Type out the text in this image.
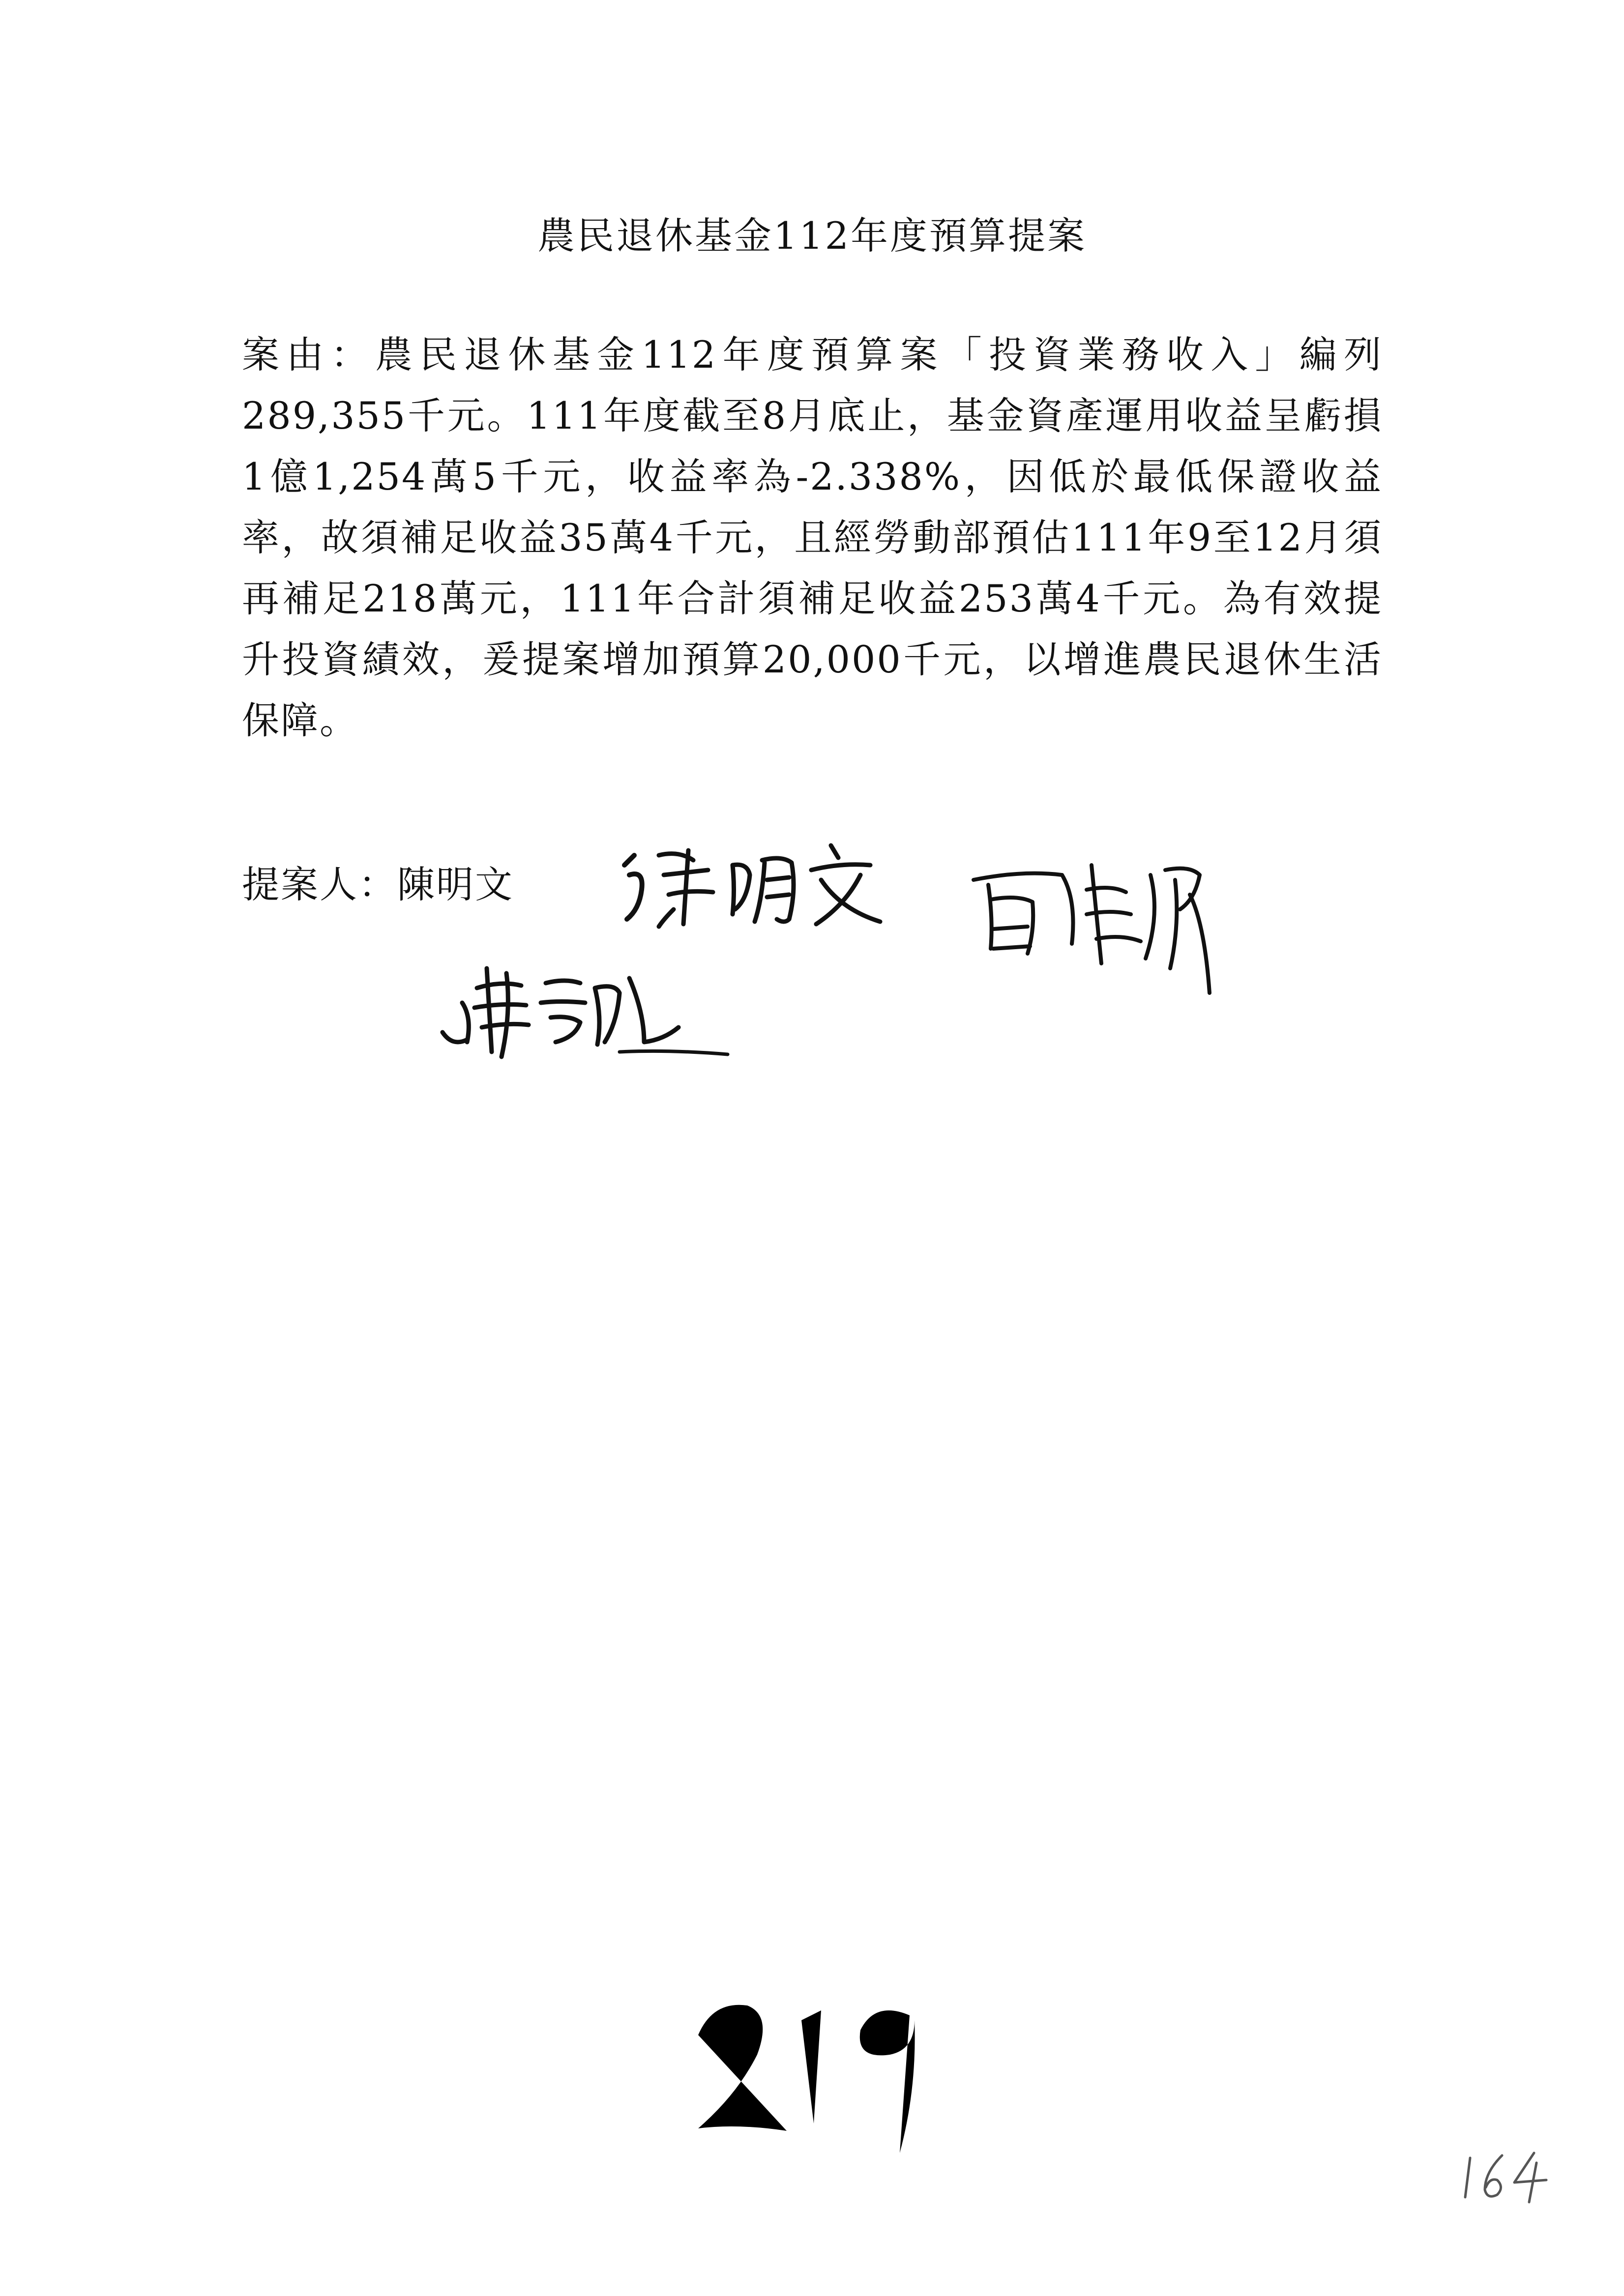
農民退休基金112年度預算提案
案由：農民退休基金112年度預算案「投資業務收入」編列289,355千元。111年度截至8月底止，基金資產運用收益呈虧損1億1,254萬5千元，收益率為-2.338%，因低於最低保證收益率，故須補足收益35萬4千元，且經勞動部預估111年9至12月須再補足218萬元，111年合計須補足收益253萬4千元。為有效提升投資績效，爰提案增加預算20,000千元，以增進農民退休生活保障。
提案人：陳明文
